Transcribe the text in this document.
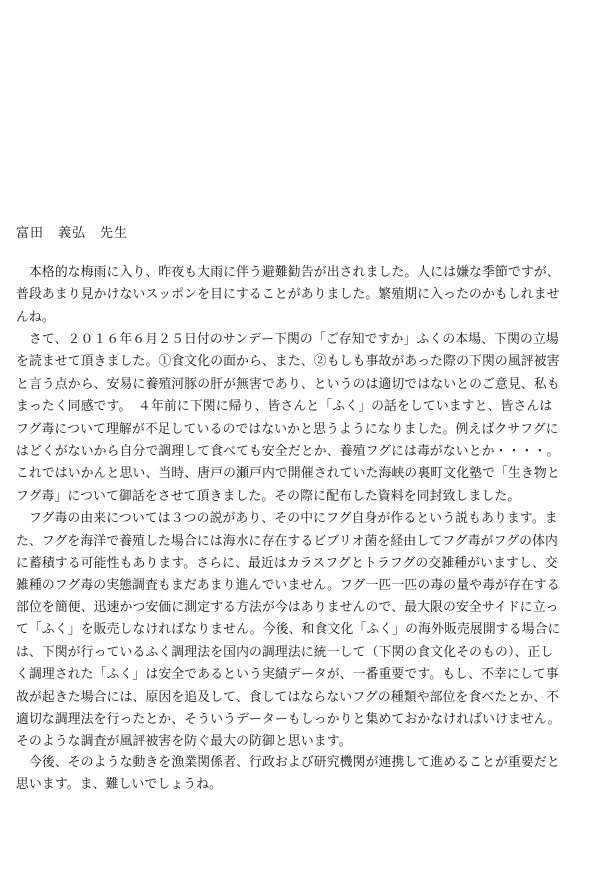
富田　義弘　先生
　本格的な梅雨に入り、昨夜も大雨に伴う避難勧告が出されました。人には嫌な季節ですが、
普段あまり見かけないスッポンを目にすることがありました。繁殖期に入ったのかもしれませ
んね。
　さて、２０１６年６月２５日付のサンデー下関の「ご存知ですか」ふくの本場、下関の立場
を読ませて頂きました。①食文化の面から、また、②もしも事故があった際の下関の風評被害
と言う点から、安易に養殖河豚の肝が無害であり、というのは適切ではないとのご意見、私も
まったく同感です。　４年前に下関に帰り、皆さんと「ふく」の話をしていますと、皆さんは
フグ毒について理解が不足しているのではないかと思うようになりました。例えばクサフグに
はどくがないから自分で調理して食べても安全だとか、養殖フグには毒がないとか・・・・。
これではいかんと思い、当時、唐戸の瀬戸内で開催されていた海峡の裏町文化塾で「生き物と
フグ毒」について御話をさせて頂きました。その際に配布した資料を同封致しました。
　フグ毒の由来については３つの説があり、その中にフグ自身が作るという説もあります。ま
た、フグを海洋で養殖した場合には海水に存在するビブリオ菌を経由してフグ毒がフグの体内
に蓄積する可能性もあります。さらに、最近はカラスフグとトラフグの交雑種がいますし、交
雑種のフグ毒の実態調査もまだあまり進んでいません。フグ一匹一匹の毒の量や毒が存在する
部位を簡便、迅速かつ安価に測定する方法が今はありませんので、最大限の安全サイドに立っ
て「ふく」を販売しなければなりません。今後、和食文化「ふく」の海外販売展開する場合に
は、下関が行っているふく調理法を国内の調理法に統一して（下関の食文化そのもの）、正し
く調理された「ふく」は安全であるという実績データが、一番重要です。もし、不幸にして事
故が起きた場合には、原因を追及して、食してはならないフグの種類や部位を食べたとか、不
適切な調理法を行ったとか、そういうデーターもしっかりと集めておかなければいけません。
そのような調査が風評被害を防ぐ最大の防御と思います。
　今後、そのような動きを漁業関係者、行政および研究機関が連携して進めることが重要だと
思います。ま、難しいでしょうね。
